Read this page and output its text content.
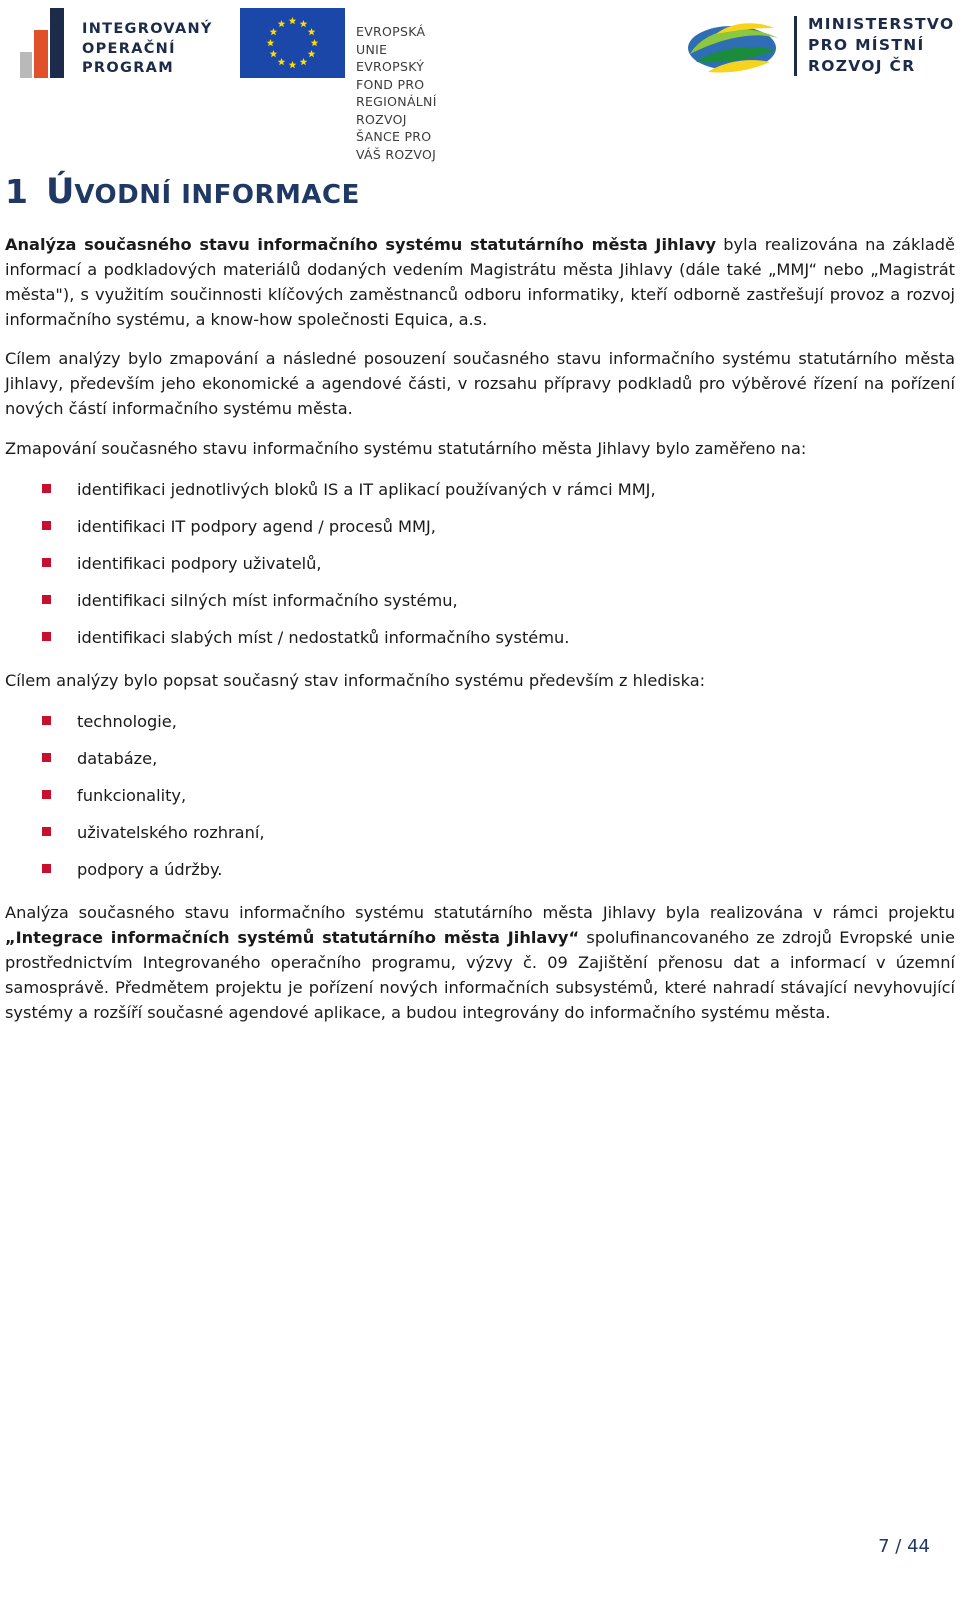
INTEGROVANÝ
OPERAČNÍ
PROGRAM
EVROPSKÁ UNIE
EVROPSKÝ FOND PRO REGIONÁLNÍ ROZVOJ
ŠANCE PRO VÁŠ ROZVOJ
MINISTERSTVO
PRO MÍSTNÍ
ROZVOJ ČR
1 ÚVODNÍ INFORMACE

Analýza současného stavu informačního systému statutárního města Jihlavy byla realizována na základě informací a podkladových materiálů dodaných vedením Magistrátu města Jihlavy (dále také „MMJ“ nebo „Magistrát města"), s využitím součinnosti klíčových zaměstnanců odboru informatiky, kteří odborně zastřešují provoz a rozvoj informačního systému, a know-how společnosti Equica, a.s.

Cílem analýzy bylo zmapování a následné posouzení současného stavu informačního systému statutárního města Jihlavy, především jeho ekonomické a agendové části, v rozsahu přípravy podkladů pro výběrové řízení na pořízení nových částí informačního systému města.

Zmapování současného stavu informačního systému statutárního města Jihlavy bylo zaměřeno na:

identifikaci jednotlivých bloků IS a IT aplikací používaných v rámci MMJ,
identifikaci IT podpory agend / procesů MMJ,
identifikaci podpory uživatelů,
identifikaci silných míst informačního systému,
identifikaci slabých míst / nedostatků informačního systému.

Cílem analýzy bylo popsat současný stav informačního systému především z hlediska:

technologie,
databáze,
funkcionality,
uživatelského rozhraní,
podpory a údržby.

Analýza současného stavu informačního systému statutárního města Jihlavy byla realizována v rámci projektu „Integrace informačních systémů statutárního města Jihlavy“ spolufinancovaného ze zdrojů Evropské unie prostřednictvím Integrovaného operačního programu, výzvy č. 09 Zajištění přenosu dat a informací v územní samosprávě. Předmětem projektu je pořízení nových informačních subsystémů, které nahradí stávající nevyhovující systémy a rozšíří současné agendové aplikace, a budou integrovány do informačního systému města.

7 / 44
